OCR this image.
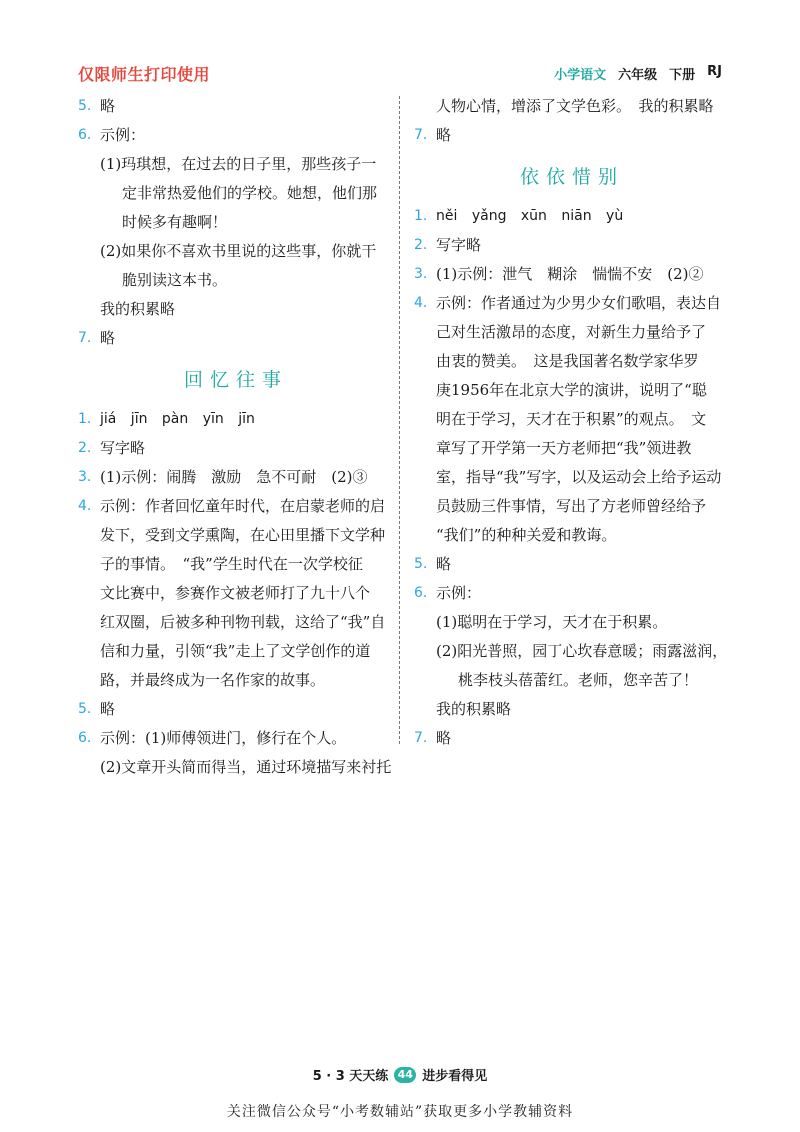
仅限师生打印使用	小学语文 六年级 下册 RJ
5. 略
6. 示例：
(1)玛琪想，在过去的日子里，那些孩子一
定非常热爱他们的学校。她想，他们那
时候多有趣啊！
(2)如果你不喜欢书里说的这些事，你就干
脆别读这本书。
我的积累略
7. 略
回忆往事
1. jiá jīn pàn yīn jīn
2. 写字略
3. (1)示例：闹腾　激励　急不可耐　(2)③
4. 示例：作者回忆童年时代，在启蒙老师的启
发下，受到文学熏陶，在心田里播下文学种
子的事情。　“我”学生时代在一次学校征
文比赛中，参赛作文被老师打了九十八个
红双圈，后被多种刊物刊载，这给了“我”自
信和力量，引领“我”走上了文学创作的道
路，并最终成为一名作家的故事。
5. 略
6. 示例：(1)师傅领进门，修行在个人。
(2)文章开头简而得当，通过环境描写来衬托
人物心情，增添了文学色彩。　我的积累略
7. 略
依依惜别
1. něi yǎng xūn niān yù
2. 写字略
3. (1)示例：泄气　糊涂　惴惴不安　(2)②
4. 示例：作者通过为少男少女们歌唱，表达自
己对生活激昂的态度，对新生力量给予了
由衷的赞美。　这是我国著名数学家华罗
庚1956年在北京大学的演讲，说明了“聪
明在于学习，天才在于积累”的观点。　文
章写了开学第一天方老师把“我”领进教
室，指导“我”写字，以及运动会上给予运动
员鼓励三件事情，写出了方老师曾经给予
“我们”的种种关爱和教诲。
5. 略
6. 示例：
(1)聪明在于学习，天才在于积累。
(2)阳光普照，园丁心坎春意暖；雨露滋润，
桃李枝头蓓蕾红。老师，您辛苦了！
我的积累略
7. 略
5 · 3 天天练 44 进步看得见
关注微信公众号“小考数辅站”获取更多小学教辅资料
